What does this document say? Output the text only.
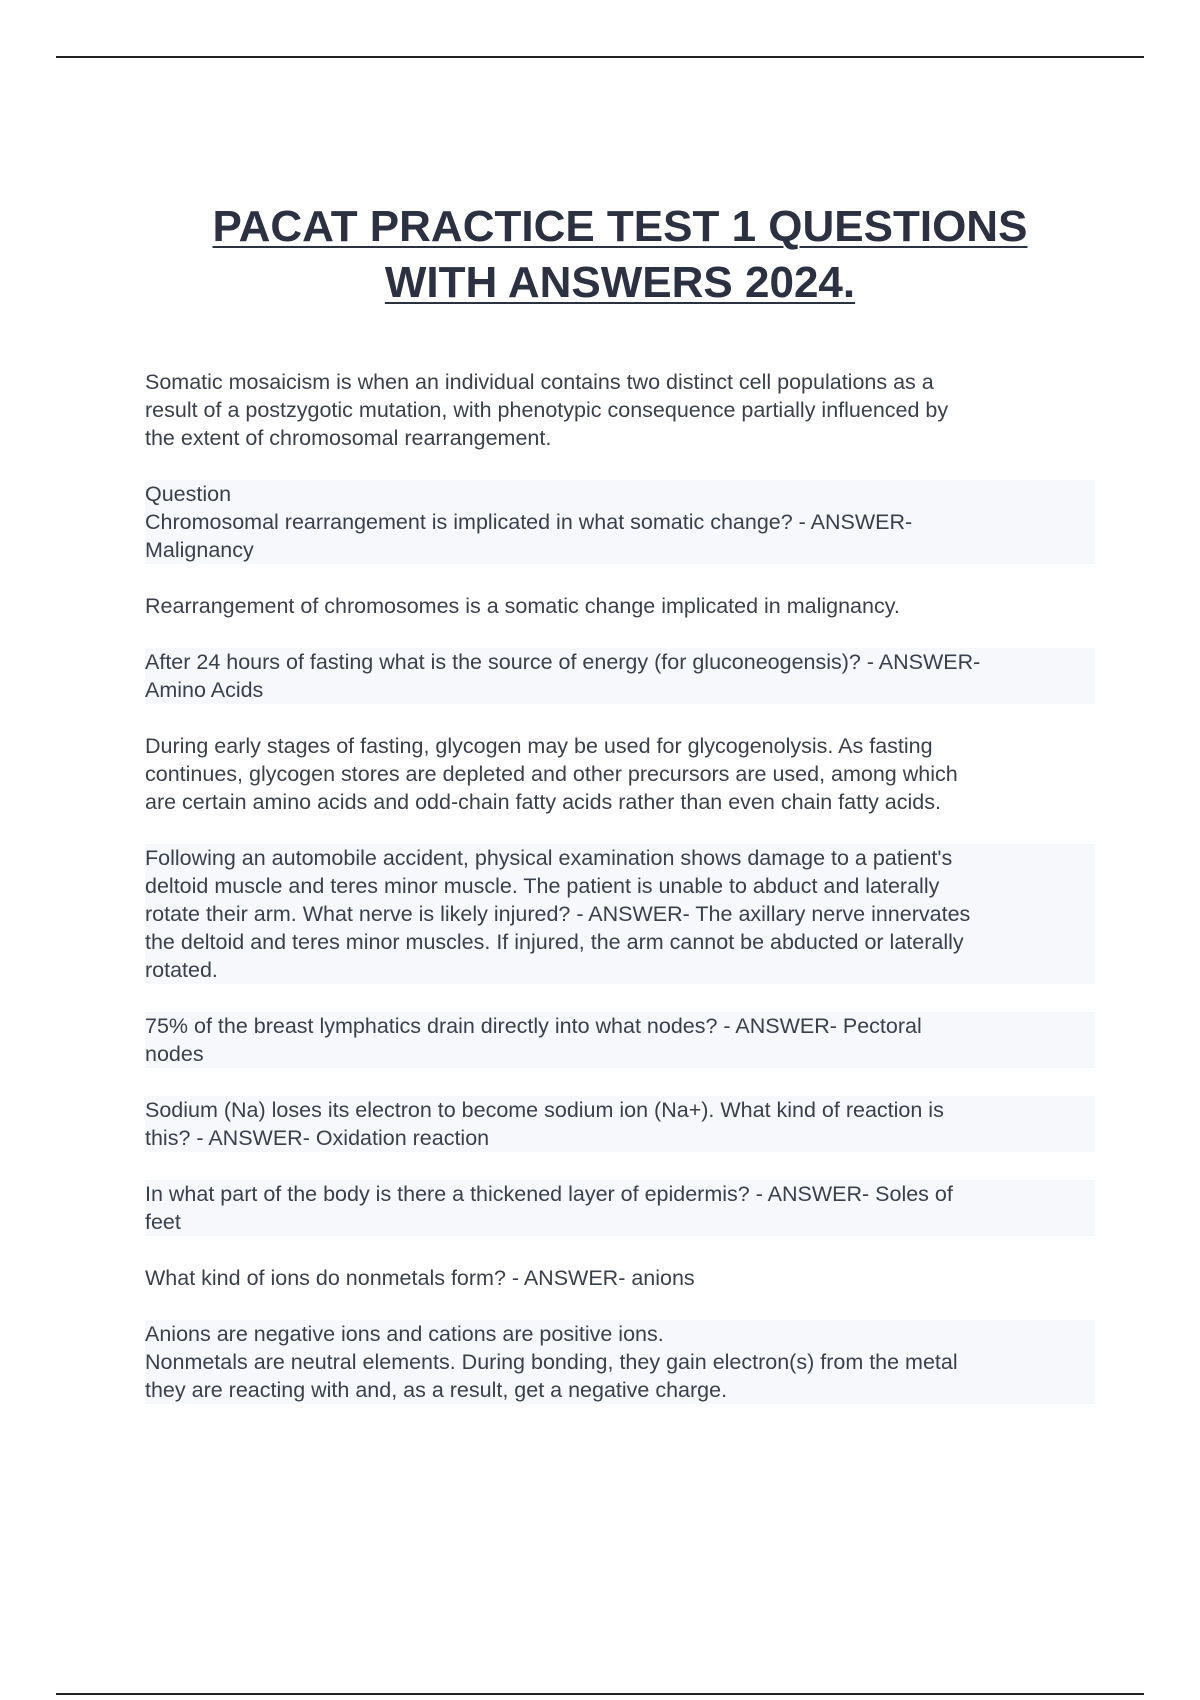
PACAT PRACTICE TEST 1 QUESTIONS
WITH ANSWERS 2024.

Somatic mosaicism is when an individual contains two distinct cell populations as a
result of a postzygotic mutation, with phenotypic consequence partially influenced by
the extent of chromosomal rearrangement.

Question
Chromosomal rearrangement is implicated in what somatic change? - ANSWER-
Malignancy

Rearrangement of chromosomes is a somatic change implicated in malignancy.

After 24 hours of fasting what is the source of energy (for gluconeogensis)? - ANSWER-
Amino Acids

During early stages of fasting, glycogen may be used for glycogenolysis. As fasting
continues, glycogen stores are depleted and other precursors are used, among which
are certain amino acids and odd-chain fatty acids rather than even chain fatty acids.

Following an automobile accident, physical examination shows damage to a patient's
deltoid muscle and teres minor muscle. The patient is unable to abduct and laterally
rotate their arm. What nerve is likely injured? - ANSWER- The axillary nerve innervates
the deltoid and teres minor muscles. If injured, the arm cannot be abducted or laterally
rotated.

75% of the breast lymphatics drain directly into what nodes? - ANSWER- Pectoral
nodes

Sodium (Na) loses its electron to become sodium ion (Na+). What kind of reaction is
this? - ANSWER- Oxidation reaction

In what part of the body is there a thickened layer of epidermis? - ANSWER- Soles of
feet

What kind of ions do nonmetals form? - ANSWER- anions

Anions are negative ions and cations are positive ions.
Nonmetals are neutral elements. During bonding, they gain electron(s) from the metal
they are reacting with and, as a result, get a negative charge.
